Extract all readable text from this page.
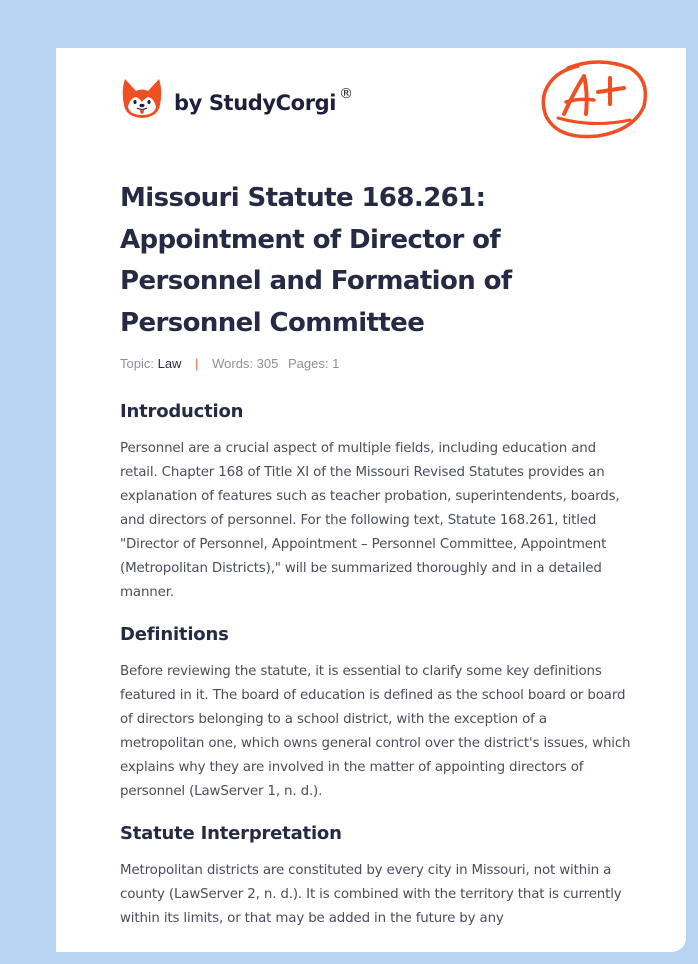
by StudyCorgi ®
Missouri Statute 168.261: Appointment of Director of Personnel and Formation of Personnel Committee
Topic: Law | Words: 305 Pages: 1
Introduction

Personnel are a crucial aspect of multiple fields, including education and retail. Chapter 168 of Title XI of the Missouri Revised Statutes provides an explanation of features such as teacher probation, superintendents, boards, and directors of personnel. For the following text, Statute 168.261, titled "Director of Personnel, Appointment – Personnel Committee, Appointment (Metropolitan Districts)," will be summarized thoroughly and in a detailed manner.

Definitions

Before reviewing the statute, it is essential to clarify some key definitions featured in it. The board of education is defined as the school board or board of directors belonging to a school district, with the exception of a metropolitan one, which owns general control over the district's issues, which explains why they are involved in the matter of appointing directors of personnel (LawServer 1, n. d.).

Statute Interpretation

Metropolitan districts are constituted by every city in Missouri, not within a county (LawServer 2, n. d.). It is combined with the territory that is currently within its limits, or that may be added in the future by any
